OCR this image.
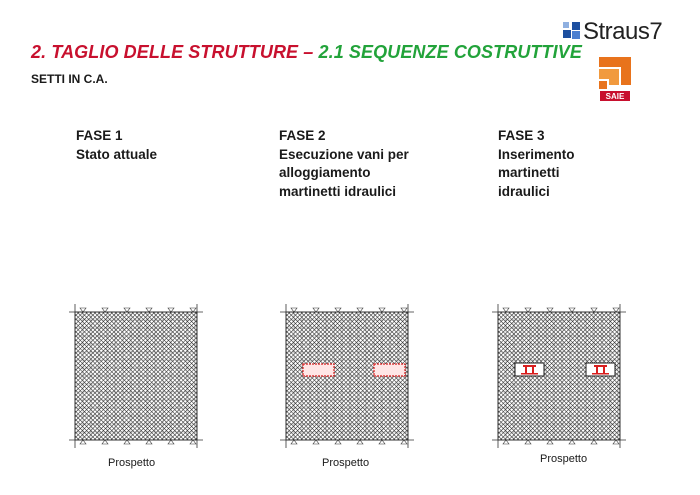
2. TAGLIO DELLE STRUTTURE – 2.1 SEQUENZE COSTRUTTIVE
SETTI IN C.A.
Straus7
SAIE
FASE 1
Stato attuale
FASE 2
Esecuzione vani per
alloggiamento
martinetti idraulici
FASE 3
Inserimento
martinetti
idraulici
Prospetto	Prospetto	Prospetto
